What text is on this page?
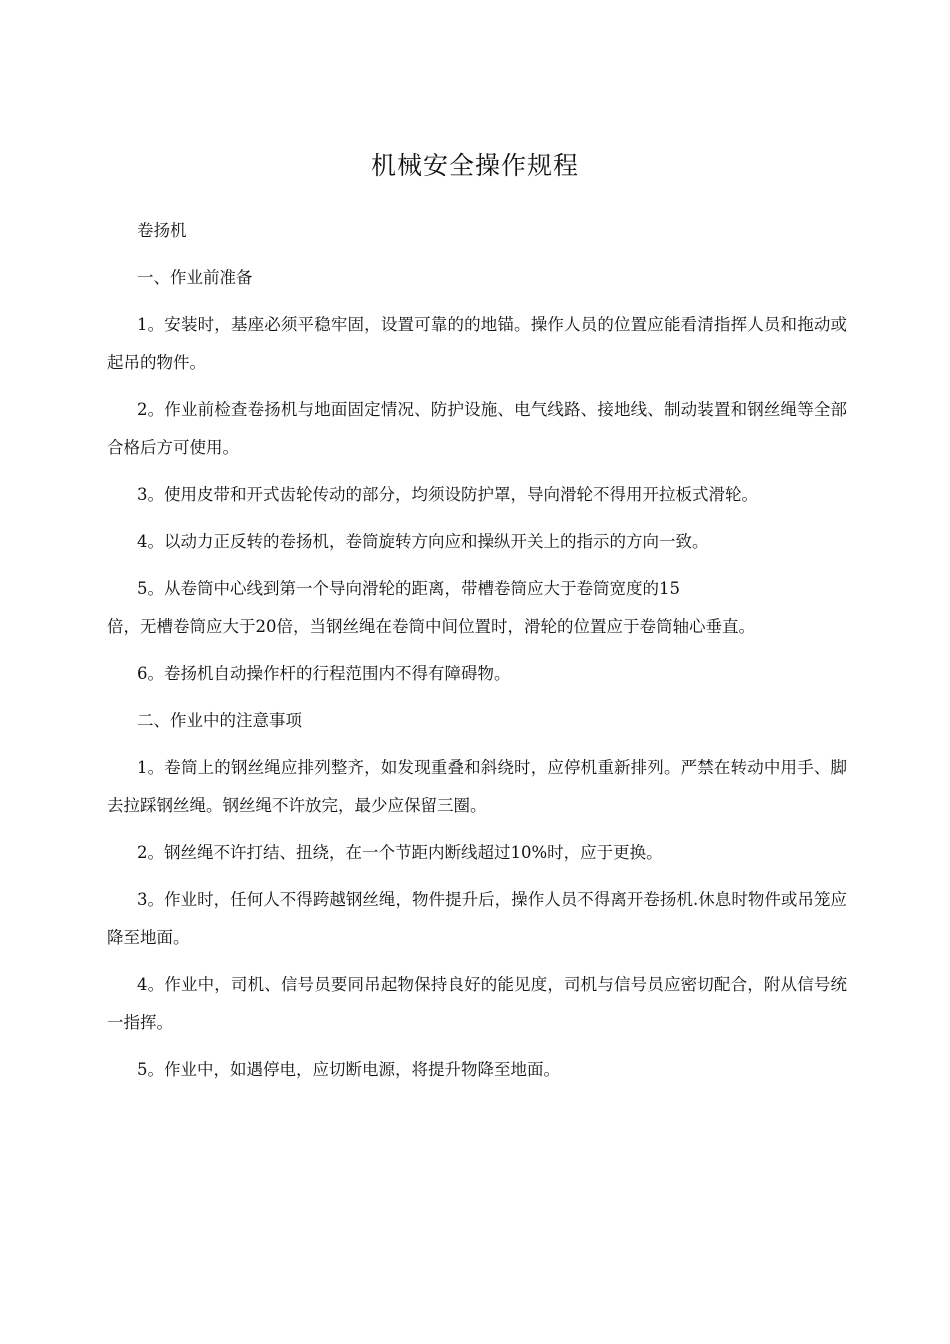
机械安全操作规程

卷扬机

一、作业前准备

1。安装时，基座必须平稳牢固，设置可靠的的地锚。操作人员的位置应能看清指挥人员和拖动或起吊的物件。

2。作业前检查卷扬机与地面固定情况、防护设施、电气线路、接地线、制动装置和钢丝绳等全部合格后方可使用。

3。使用皮带和开式齿轮传动的部分，均须设防护罩，导向滑轮不得用开拉板式滑轮。

4。以动力正反转的卷扬机，卷筒旋转方向应和操纵开关上的指示的方向一致。

5。从卷筒中心线到第一个导向滑轮的距离，带槽卷筒应大于卷筒宽度的15

倍，无槽卷筒应大于20倍，当钢丝绳在卷筒中间位置时，滑轮的位置应于卷筒轴心垂直。

6。卷扬机自动操作杆的行程范围内不得有障碍物。

二、作业中的注意事项

1。卷筒上的钢丝绳应排列整齐，如发现重叠和斜绕时，应停机重新排列。严禁在转动中用手、脚去拉踩钢丝绳。钢丝绳不许放完，最少应保留三圈。

2。钢丝绳不许打结、扭绕，在一个节距内断线超过10%时，应于更换。

3。作业时，任何人不得跨越钢丝绳，物件提升后，操作人员不得离开卷扬机.休息时物件或吊笼应降至地面。

4。作业中，司机、信号员要同吊起物保持良好的能见度，司机与信号员应密切配合，附从信号统一指挥。

5。作业中，如遇停电，应切断电源，将提升物降至地面。
